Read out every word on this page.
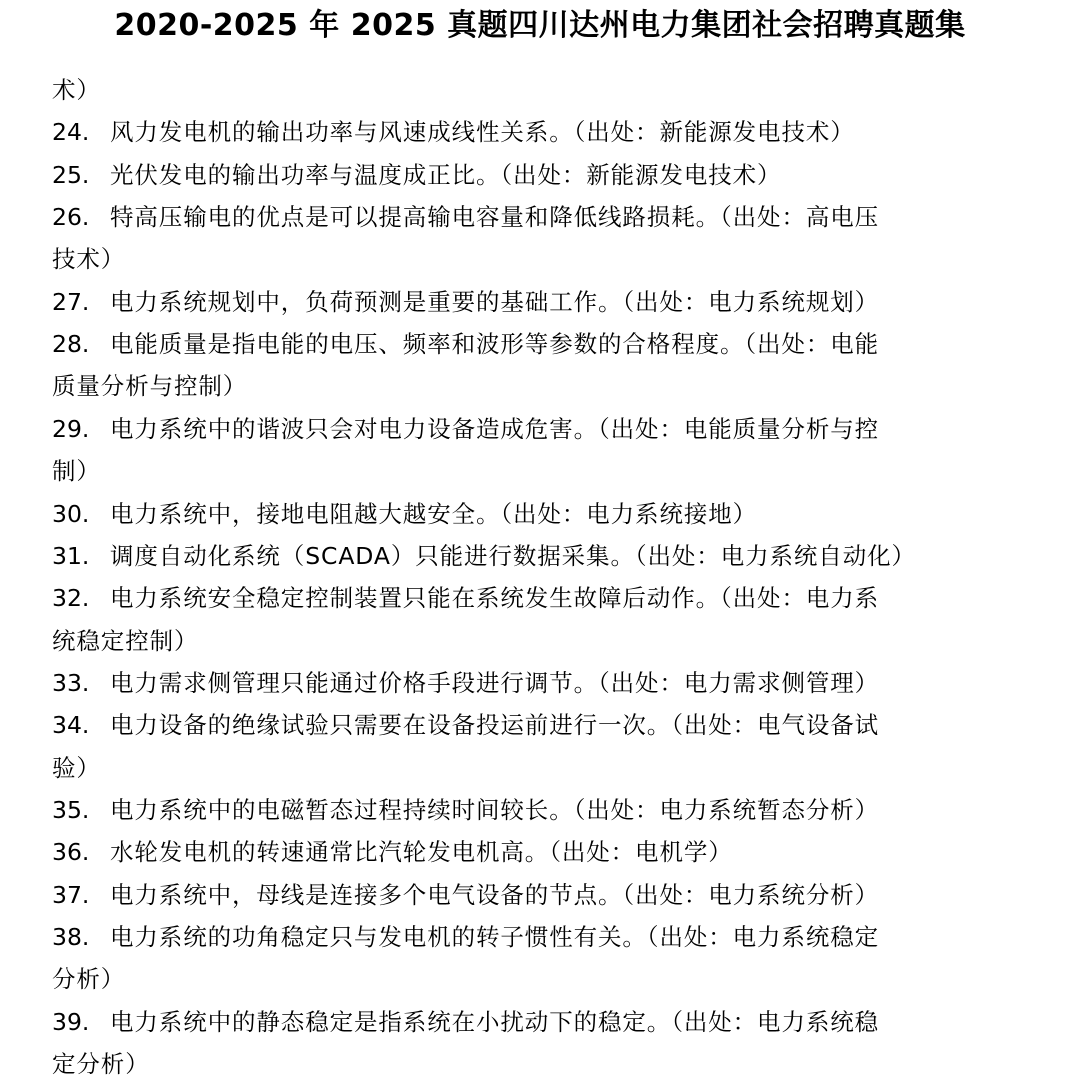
2020-2025 年 2025 真题四川达州电力集团社会招聘真题集
术）
24. 风力发电机的输出功率与风速成线性关系。（出处：新能源发电技术）
25. 光伏发电的输出功率与温度成正比。（出处：新能源发电技术）
26. 特高压输电的优点是可以提高输电容量和降低线路损耗。（出处：高电压
技术）
27. 电力系统规划中，负荷预测是重要的基础工作。（出处：电力系统规划）
28. 电能质量是指电能的电压、频率和波形等参数的合格程度。（出处：电能
质量分析与控制）
29. 电力系统中的谐波只会对电力设备造成危害。（出处：电能质量分析与控
制）
30. 电力系统中，接地电阻越大越安全。（出处：电力系统接地）
31. 调度自动化系统（SCADA）只能进行数据采集。（出处：电力系统自动化）
32. 电力系统安全稳定控制装置只能在系统发生故障后动作。（出处：电力系
统稳定控制）
33. 电力需求侧管理只能通过价格手段进行调节。（出处：电力需求侧管理）
34. 电力设备的绝缘试验只需要在设备投运前进行一次。（出处：电气设备试
验）
35. 电力系统中的电磁暂态过程持续时间较长。（出处：电力系统暂态分析）
36. 水轮发电机的转速通常比汽轮发电机高。（出处：电机学）
37. 电力系统中，母线是连接多个电气设备的节点。（出处：电力系统分析）
38. 电力系统的功角稳定只与发电机的转子惯性有关。（出处：电力系统稳定
分析）
39. 电力系统中的静态稳定是指系统在小扰动下的稳定。（出处：电力系统稳
定分析）
